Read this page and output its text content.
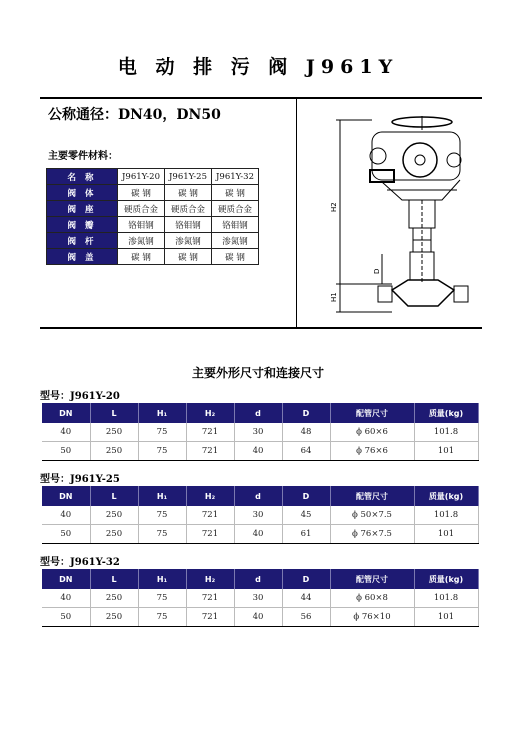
电 动 排 污 阀 J961Y
公称通径：DN40，DN50
主要零件材料：
名 称	J961Y-20	J961Y-25	J961Y-32
阀 体	碳 钢	碳 钢	碳 钢
阀 座	硬质合金	硬质合金	硬质合金
阀 瓣	铬钼钢	铬钼钢	铬钼钢
阀 杆	渗氮钢	渗氮钢	渗氮钢
阀 盖	碳 钢	碳 钢	碳 钢
H2
D
H1
主要外形尺寸和连接尺寸
型号：J961Y-20
DN	L	H₁	H₂	d	D	配管尺寸	质量(kg)
40	250	75	721	30	48	ϕ 60×6	101.8
50	250	75	721	40	64	ϕ 76×6	101
型号：J961Y-25
DN	L	H₁	H₂	d	D	配管尺寸	质量(kg)
40	250	75	721	30	45	ϕ 50×7.5	101.8
50	250	75	721	40	61	ϕ 76×7.5	101
型号：J961Y-32
DN	L	H₁	H₂	d	D	配管尺寸	质量(kg)
40	250	75	721	30	44	ϕ 60×8	101.8
50	250	75	721	40	56	ϕ 76×10	101
